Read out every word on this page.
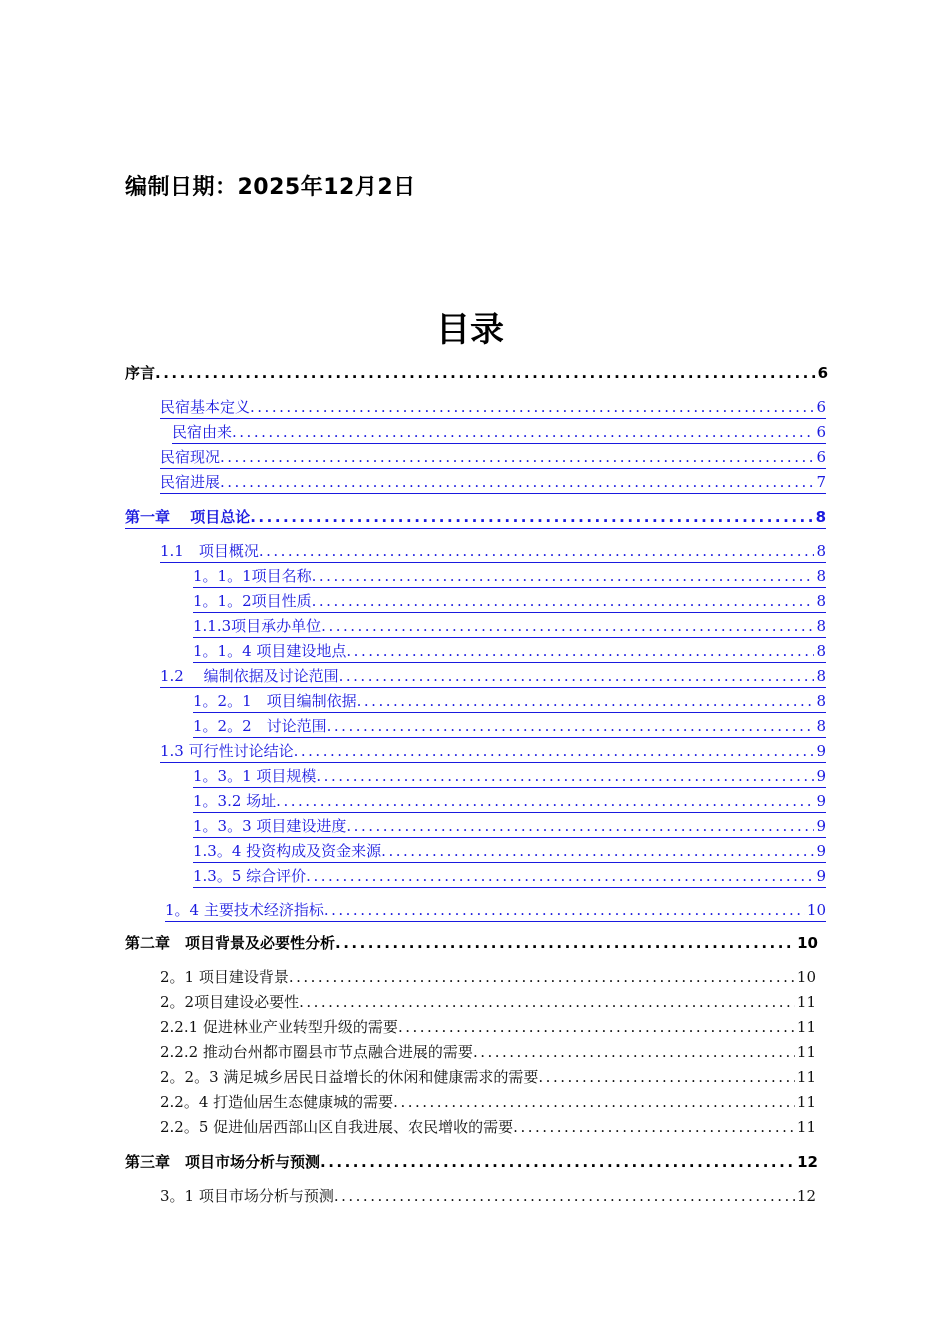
编制日期：2025年12月2日
目录
序言 .....	6
民宿基本定义 .....	6
民宿由来 .....	6
民宿现况 .....	6
民宿进展 .....	7
第一章　 项目总论 .....	8
1.1　项目概况 .....	8
1。1。1项目名称 .....	8
1。1。2项目性质 .....	8
1.1.3项目承办单位 .....	8
1。1。4 项目建设地点 .....	8
1.2　 编制依据及讨论范围 .....	8
1。2。1　项目编制依据 .....	8
1。2。2　讨论范围 .....	8
1.3 可行性讨论结论 .....	9
1。3。1 项目规模 .....	9
1。3.2 场址 .....	9
1。3。3 项目建设进度 .....	9
1.3。4 投资构成及资金来源 .....	9
1.3。5 综合评价 .....	9
1。4 主要技术经济指标 .....	10
第二章　项目背景及必要性分析 .....	10
2。1 项目建设背景 .....	10
2。2项目建设必要性 .....	11
2.2.1 促进林业产业转型升级的需要 .....	11
2.2.2 推动台州都市圈县市节点融合进展的需要 .....	11
2。2。3 满足城乡居民日益增长的休闲和健康需求的需要 .....	11
2.2。4 打造仙居生态健康城的需要 .....	11
2.2。5 促进仙居西部山区自我进展、农民增收的需要 .....	11
第三章　项目市场分析与预测 .....	12
3。1 项目市场分析与预测 .....	12
